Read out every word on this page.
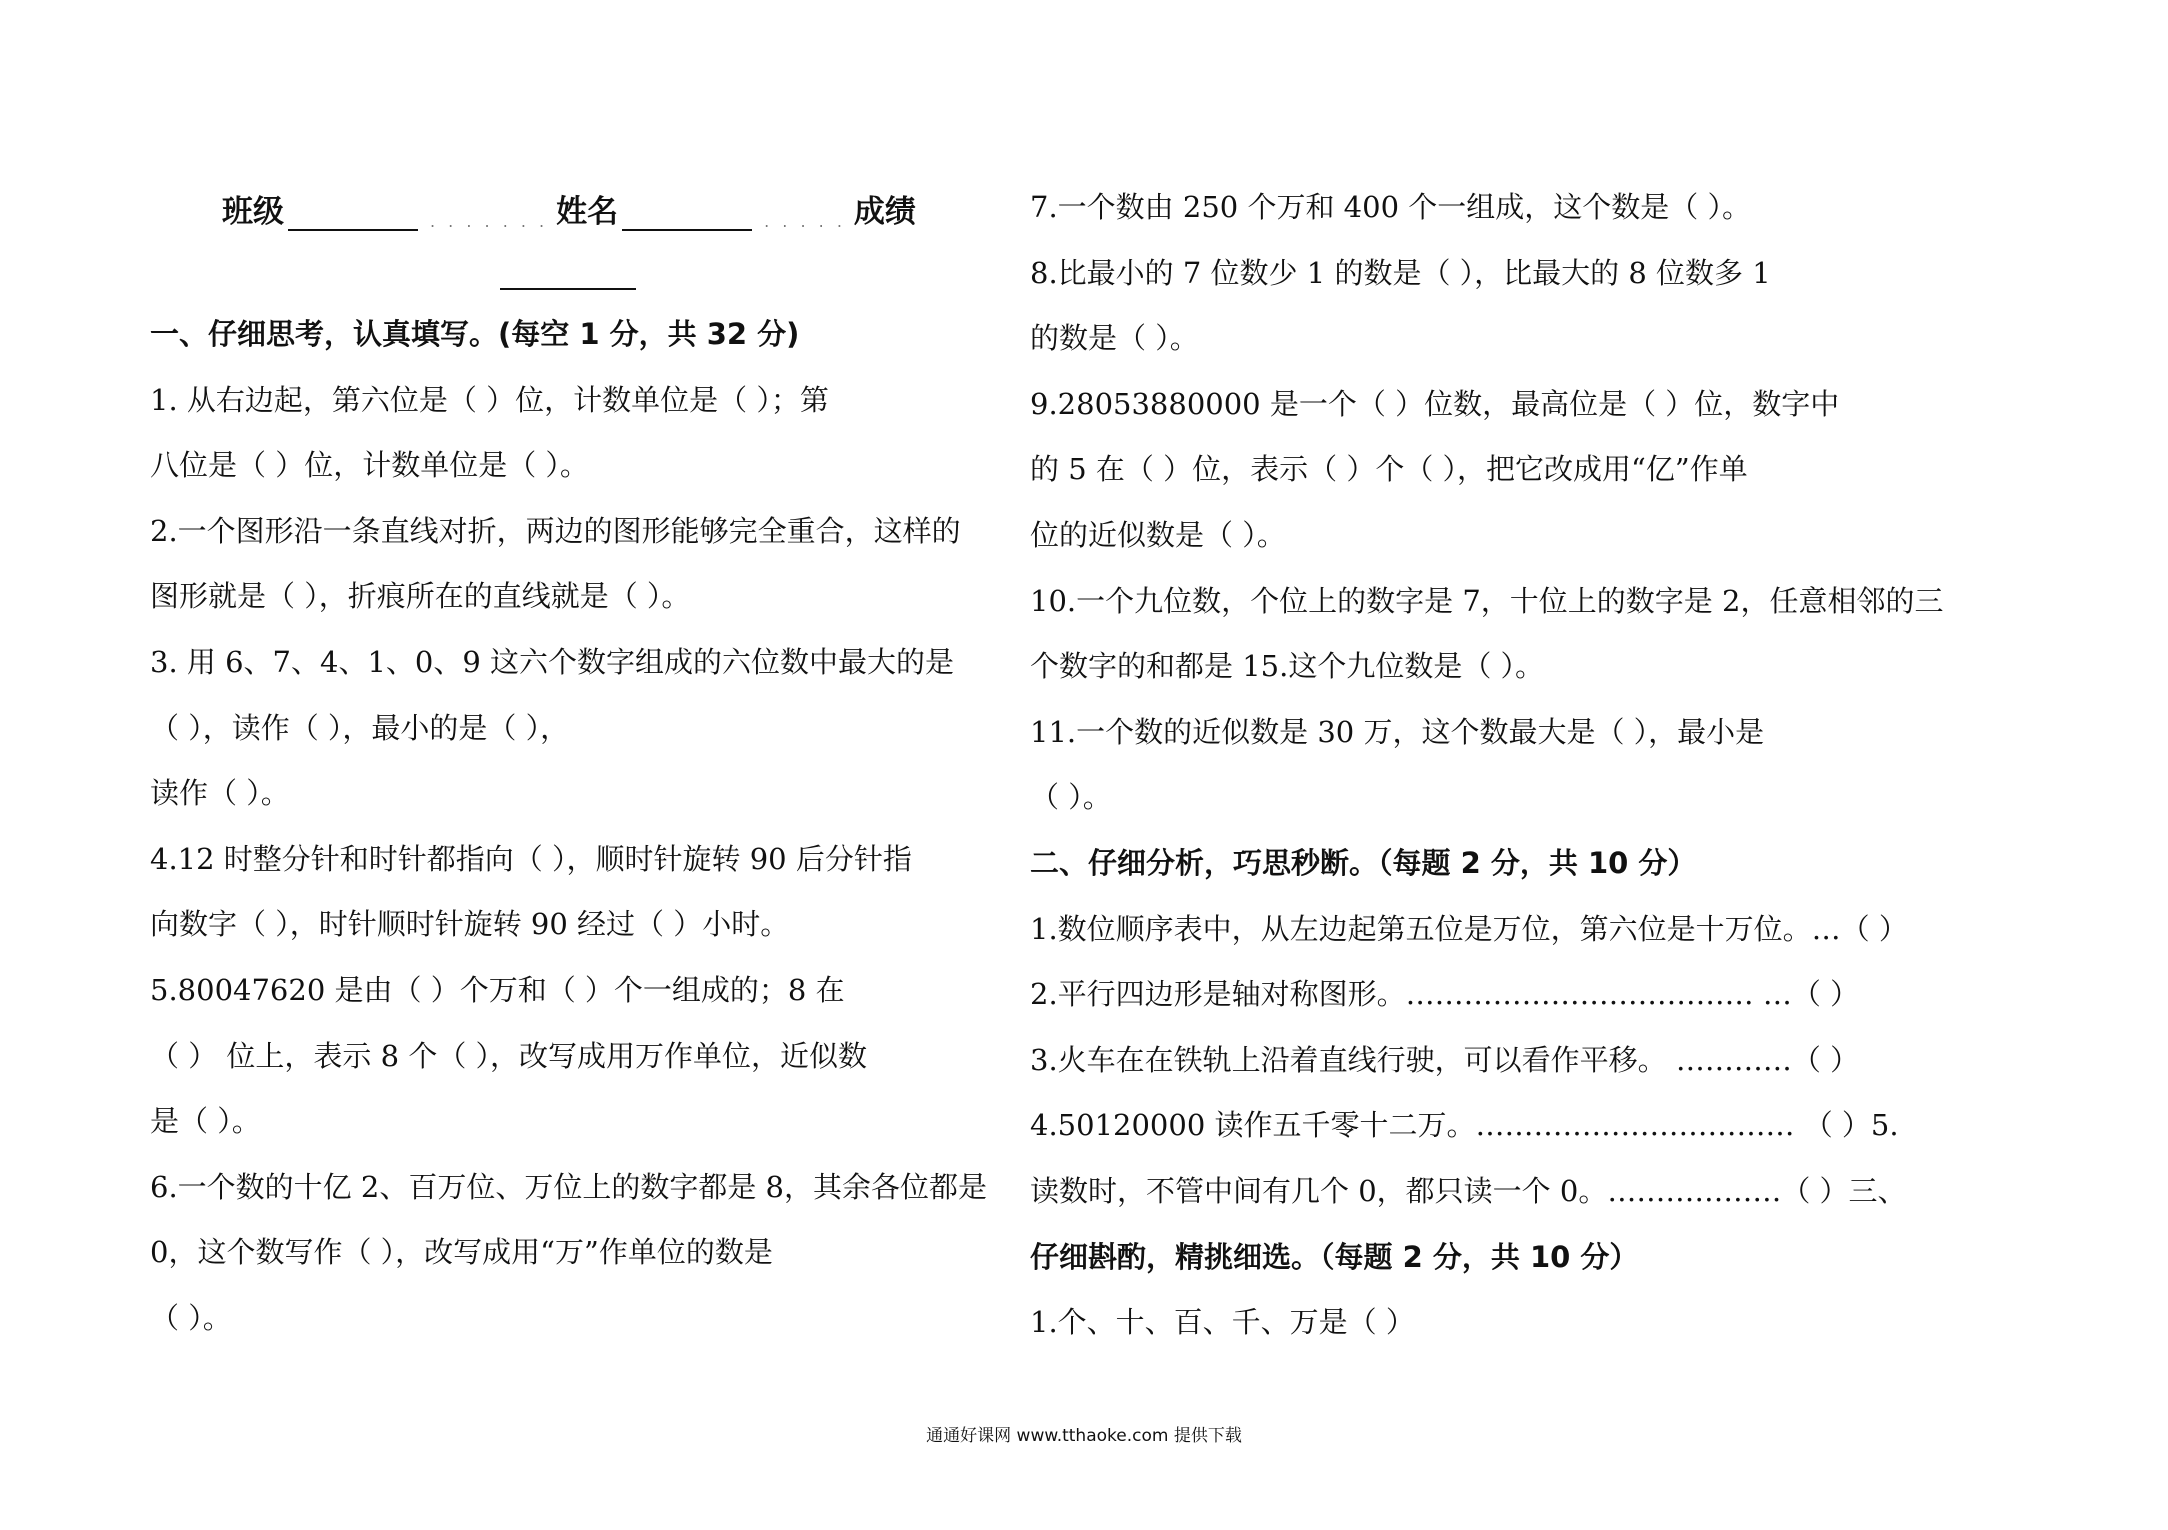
班级	. . . . . . . 姓名	. . . . . 成绩
一、仔细思考，认真填写。(每空 1 分，共 32 分)
1. 从右边起，第六位是（ ）位，计数单位是（ ）；第
八位是（ ）位，计数单位是（ ）。
2.一个图形沿一条直线对折，两边的图形能够完全重合，这样的
图形就是（ ），折痕所在的直线就是（ ）。
3. 用 6、7、4、1、0、9 这六个数字组成的六位数中最大的是
（ ），读作（ ），最小的是（ ），
读作（ ）。
4.12 时整分针和时针都指向（ ），顺时针旋转 90 后分针指
向数字（ ），时针顺时针旋转 90 经过（ ）小时。
5.80047620 是由（ ）个万和（ ）个一组成的；8 在
（ ） 位上，表示 8 个（ ），改写成用万作单位，近似数
是（ ）。
6.一个数的十亿 2、百万位、万位上的数字都是 8，其余各位都是
0，这个数写作（ ），改写成用“万”作单位的数是
（ ）。
7.一个数由 250 个万和 400 个一组成，这个数是（ ）。
8.比最小的 7 位数少 1 的数是（ ），比最大的 8 位数多 1
的数是（ ）。
9.28053880000 是一个（ ）位数，最高位是（ ）位，数字中
的 5 在（ ）位，表示（ ）个（ ），把它改成用“亿”作单
位的近似数是（ ）。
10.一个九位数，个位上的数字是 7，十位上的数字是 2，任意相邻的三
个数字的和都是 15.这个九位数是（ ）。
11.一个数的近似数是 30 万，这个数最大是（ ），最小是
（ ）。
二、仔细分析，巧思秒断。（每题 2 分，共 10 分）
1.数位顺序表中，从左边起第五位是万位，第六位是十万位。…（ ）
2.平行四边形是轴对称图形。……………………………… …（ ）
3.火车在在铁轨上沿着直线行驶，可以看作平移。 …………（ ）
4.50120000 读作五千零十二万。…………………………… （ ）5.
读数时，不管中间有几个 0，都只读一个 0。………………（ ）三、
仔细斟酌，精挑细选。（每题 2 分，共 10 分）
1.个、十、百、千、万是（ ）
通通好课网 www.tthaoke.com 提供下载
